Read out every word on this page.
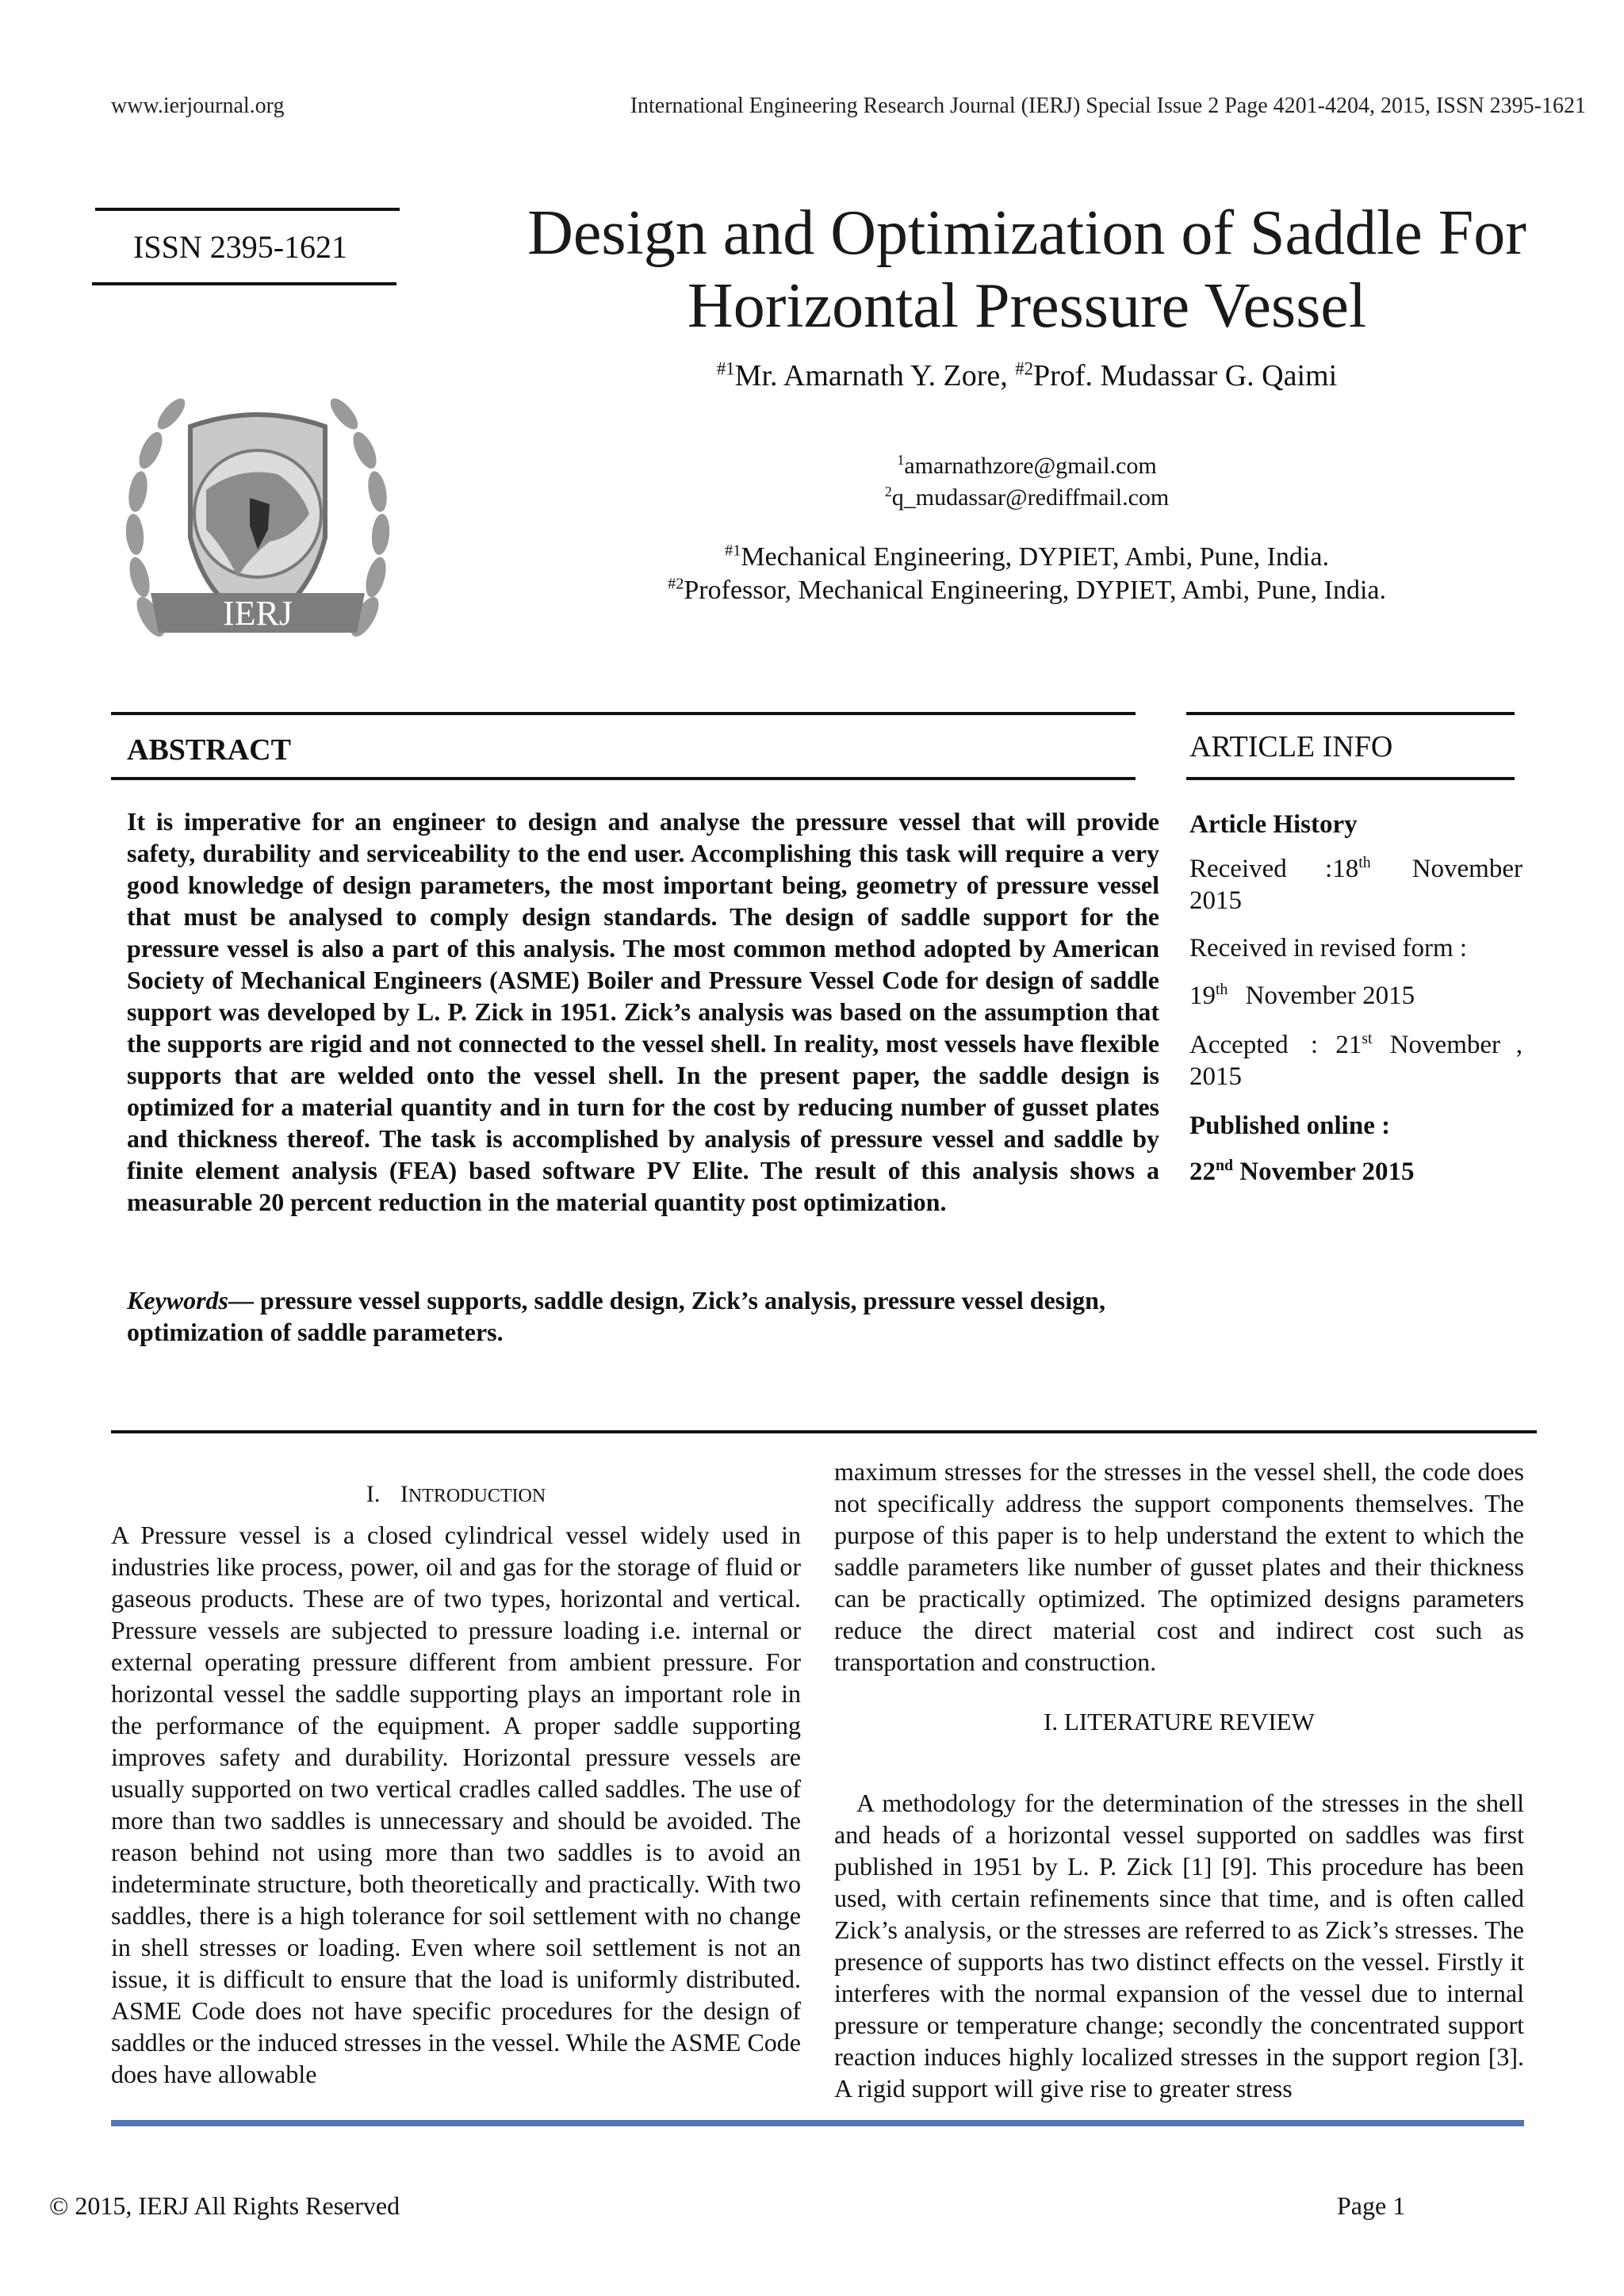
www.ierjournal.org	International Engineering Research Journal (IERJ) Special Issue 2 Page 4201-4204, 2015, ISSN 2395-1621
ISSN 2395-1621
IERJ
Design and Optimization of Saddle For Horizontal Pressure Vessel
$^{\#1}$Mr. Amarnath Y. Zore, $^{\#2}$Prof. Mudassar G. Qaimi
$^1$amarnathzore@gmail.com
$^2$q_mudassar@rediffmail.com
$^{\#1}$Mechanical Engineering, DYPIET, Ambi, Pune, India.
$^{\#2}$Professor, Mechanical Engineering, DYPIET, Ambi, Pune, India.
ABSTRACT
It is imperative for an engineer to design and analyse the pressure vessel that will provide safety, durability and serviceability to the end user. Accomplishing this task will require a very good knowledge of design parameters, the most important being, geometry of pressure vessel that must be analysed to comply design standards. The design of saddle support for the pressure vessel is also a part of this analysis. The most common method adopted by American Society of Mechanical Engineers (ASME) Boiler and Pressure Vessel Code for design of saddle support was developed by L. P. Zick in 1951. Zick’s analysis was based on the assumption that the supports are rigid and not connected to the vessel shell. In reality, most vessels have flexible supports that are welded onto the vessel shell. In the present paper, the saddle design is optimized for a material quantity and in turn for the cost by reducing number of gusset plates and thickness thereof. The task is accomplished by analysis of pressure vessel and saddle by finite element analysis (FEA) based software PV Elite. The result of this analysis shows a measurable 20 percent reduction in the material quantity post optimization.
Keywords— pressure vessel supports, saddle design, Zick’s analysis, pressure vessel design, optimization of saddle parameters.
ARTICLE INFO
Article History
Received :18th November
2015
Received in revised form :
19th November 2015
Accepted : 21st November ,
2015
Published online :
22nd November 2015
I. INTRODUCTION
A Pressure vessel is a closed cylindrical vessel widely used in industries like process, power, oil and gas for the storage of fluid or gaseous products. These are of two types, horizontal and vertical. Pressure vessels are subjected to pressure loading i.e. internal or external operating pressure different from ambient pressure. For horizontal vessel the saddle supporting plays an important role in the performance of the equipment. A proper saddle supporting improves safety and durability. Horizontal pressure vessels are usually supported on two vertical cradles called saddles. The use of more than two saddles is unnecessary and should be avoided. The reason behind not using more than two saddles is to avoid an indeterminate structure, both theoretically and practically. With two saddles, there is a high tolerance for soil settlement with no change in shell stresses or loading. Even where soil settlement is not an issue, it is difficult to ensure that the load is uniformly distributed. ASME Code does not have specific procedures for the design of saddles or the induced stresses in the vessel. While the ASME Code does have allowable
maximum stresses for the stresses in the vessel shell, the code does not specifically address the support components themselves. The purpose of this paper is to help understand the extent to which the saddle parameters like number of gusset plates and their thickness can be practically optimized. The optimized designs parameters reduce the direct material cost and indirect cost such as transportation and construction.
I. LITERATURE REVIEW
A methodology for the determination of the stresses in the shell and heads of a horizontal vessel supported on saddles was first published in 1951 by L. P. Zick [1] [9]. This procedure has been used, with certain refinements since that time, and is often called Zick’s analysis, or the stresses are referred to as Zick’s stresses. The presence of supports has two distinct effects on the vessel. Firstly it interferes with the normal expansion of the vessel due to internal pressure or temperature change; secondly the concentrated support reaction induces highly localized stresses in the support region [3]. A rigid support will give rise to greater stress
© 2015, IERJ All Rights Reserved	Page 1
